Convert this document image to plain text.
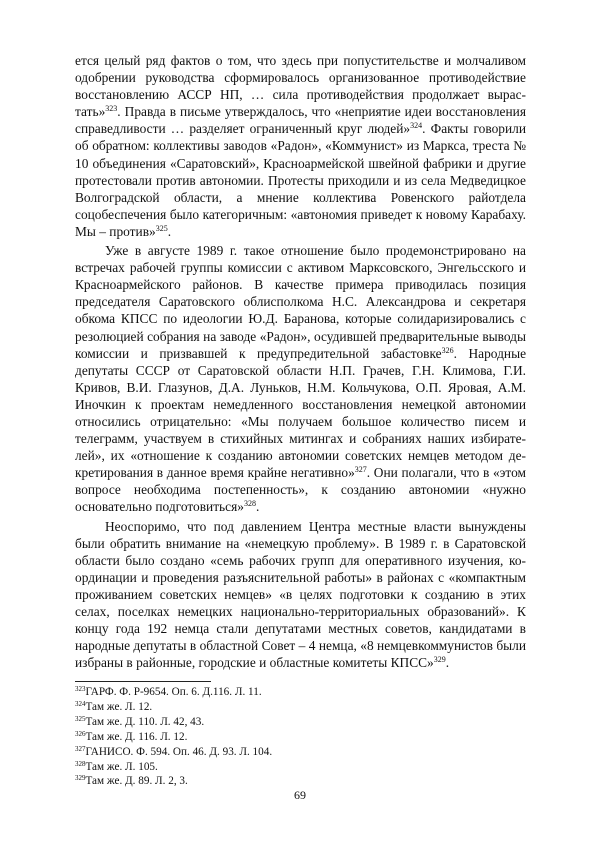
ется целый ряд фактов о том, что здесь при попустительстве и молчаливом одобрении руководства сформировалось организованное противодействие восстановлению АССР НП, … сила противодействия продолжает вырастать»$^{323}$. Правда в письме утверждалось, что «неприятие идеи восстановления справедливости … разделяет ограниченный круг людей»$^{324}$. Факты говорили об обратном: коллективы заводов «Радон», «Коммунист» из Маркса, треста № 10 объединения «Саратовский», Красноармейской швейной фабрики и другие протестовали против автономии. Протесты приходили и из села Медведицкое Волгоградской области, а мнение коллектива Ровенского райотдела соцобеспечения было категоричным: «автономия приведет к новому Карабаху. Мы – против»$^{325}$.

Уже в августе 1989 г. такое отношение было продемонстрировано на встречах рабочей группы комиссии с активом Марксовского, Энгельсского и Красноармейского районов. В качестве примера приводилась позиция председателя Саратовского облисполкома Н.С. Александрова и секретаря обкома КПСС по идеологии Ю.Д. Баранова, которые солидаризировались с резолюцией собрания на заводе «Радон», осудившей предварительные выводы комиссии и призвавшей к предупредительной забастовке$^{326}$. Народные депутаты СССР от Саратовской области Н.П. Грачев, Г.Н. Климова, Г.И. Кривов, В.И. Глазунов, Д.А. Луньков, Н.М. Кольчукова, О.П. Яровая, А.М. Иночкин к проектам немедленного восстановления немецкой автономии относились отрицательно: «Мы получаем большое количество писем и телеграмм, участвуем в стихийных митингах и собраниях наших избирателей», их «отношение к созданию автономии советских немцев методом декретирования в данное время крайне негативно»$^{327}$. Они полагали, что в «этом вопросе необходима постепенность», к созданию автономии «нужно основательно подготовиться»$^{328}$.

Неоспоримо, что под давлением Центра местные власти вынуждены были обратить внимание на «немецкую проблему». В 1989 г. в Саратовской области было создано «семь рабочих групп для оперативного изучения, координации и проведения разъяснительной работы» в районах с «компактным проживанием советских немцев» «в целях подготовки к созданию в этих селах, поселках немецких национально-территориальных образований». К концу года 192 немца стали депутатами местных советов, кандидатами в народные депутаты в областной Совет – 4 немца, «8 немцевкоммунистов были избраны в районные, городские и областные комитеты КПСС»$^{329}$.

$^{323}$ГАРФ. Ф. Р-9654. Оп. 6. Д.116. Л. 11.

$^{324}$Там же. Л. 12.

$^{325}$Там же. Д. 110. Л. 42, 43.

$^{326}$Там же. Д. 116. Л. 12.

$^{327}$ГАНИСО. Ф. 594. Оп. 46. Д. 93. Л. 104.

$^{328}$Там же. Л. 105.

$^{329}$Там же. Д. 89. Л. 2, 3.

69
